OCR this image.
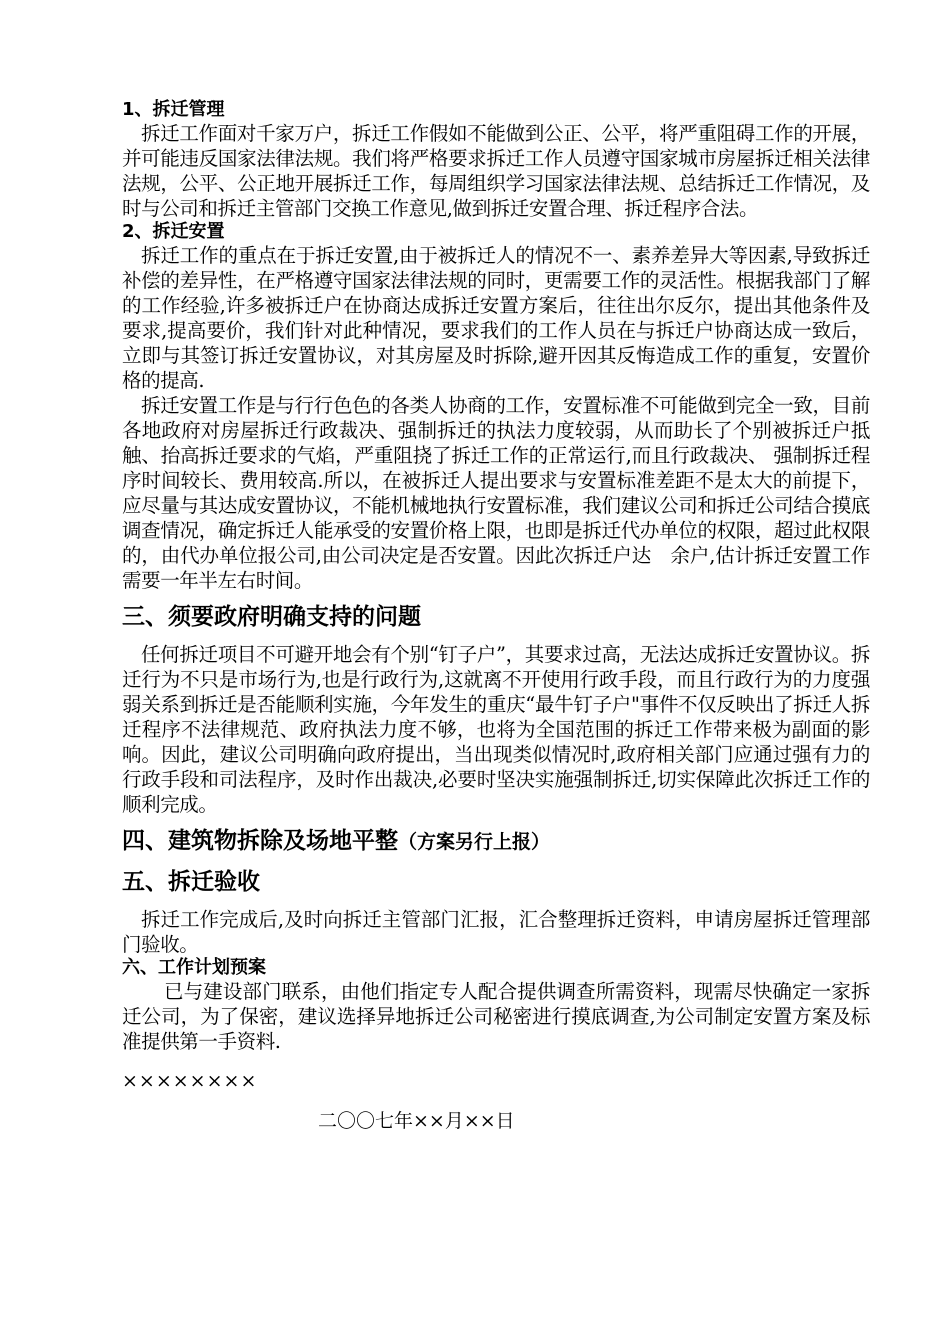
1、拆迁管理

拆迁工作面对千家万户，拆迁工作假如不能做到公正、公平，将严重阻碍工作的开展，并可能违反国家法律法规。我们将严格要求拆迁工作人员遵守国家城市房屋拆迁相关法律法规，公平、公正地开展拆迁工作，每周组织学习国家法律法规、总结拆迁工作情况，及时与公司和拆迁主管部门交换工作意见,做到拆迁安置合理、拆迁程序合法。

2、拆迁安置

拆迁工作的重点在于拆迁安置,由于被拆迁人的情况不一、素养差异大等因素,导致拆迁补偿的差异性，在严格遵守国家法律法规的同时，更需要工作的灵活性。根据我部门了解的工作经验,许多被拆迁户在协商达成拆迁安置方案后，往往出尔反尔，提出其他条件及要求,提高要价，我们针对此种情况，要求我们的工作人员在与拆迁户协商达成一致后，立即与其签订拆迁安置协议，对其房屋及时拆除,避开因其反悔造成工作的重复，安置价格的提高.

拆迁安置工作是与行行色色的各类人协商的工作，安置标准不可能做到完全一致，目前各地政府对房屋拆迁行政裁决、强制拆迁的执法力度较弱，从而助长了个别被拆迁户抵触、抬高拆迁要求的气焰，严重阻挠了拆迁工作的正常运行,而且行政裁决、 强制拆迁程序时间较长、费用较高.所以，在被拆迁人提出要求与安置标准差距不是太大的前提下，应尽量与其达成安置协议，不能机械地执行安置标准，我们建议公司和拆迁公司结合摸底调查情况，确定拆迁人能承受的安置价格上限，也即是拆迁代办单位的权限，超过此权限的，由代办单位报公司,由公司决定是否安置。因此次拆迁户达　余户,估计拆迁安置工作需要一年半左右时间。

三、须要政府明确支持的问题

任何拆迁项目不可避开地会有个别“钉子户”，其要求过高，无法达成拆迁安置协议。拆迁行为不只是市场行为,也是行政行为,这就离不开使用行政手段，而且行政行为的力度强弱关系到拆迁是否能顺利实施，今年发生的重庆“最牛钉子户"事件不仅反映出了拆迁人拆迁程序不法律规范、政府执法力度不够，也将为全国范围的拆迁工作带来极为副面的影响。因此，建议公司明确向政府提出，当出现类似情况时,政府相关部门应通过强有力的行政手段和司法程序，及时作出裁决,必要时坚决实施强制拆迁,切实保障此次拆迁工作的顺利完成。

四、建筑物拆除及场地平整（方案另行上报）
五、拆迁验收

拆迁工作完成后,及时向拆迁主管部门汇报，汇合整理拆迁资料，申请房屋拆迁管理部门验收。

六、工作计划预案

已与建设部门联系，由他们指定专人配合提供调查所需资料，现需尽快确定一家拆迁公司，为了保密，建议选择异地拆迁公司秘密进行摸底调查,为公司制定安置方案及标准提供第一手资料.

××××××××
二〇〇七年××月××日
